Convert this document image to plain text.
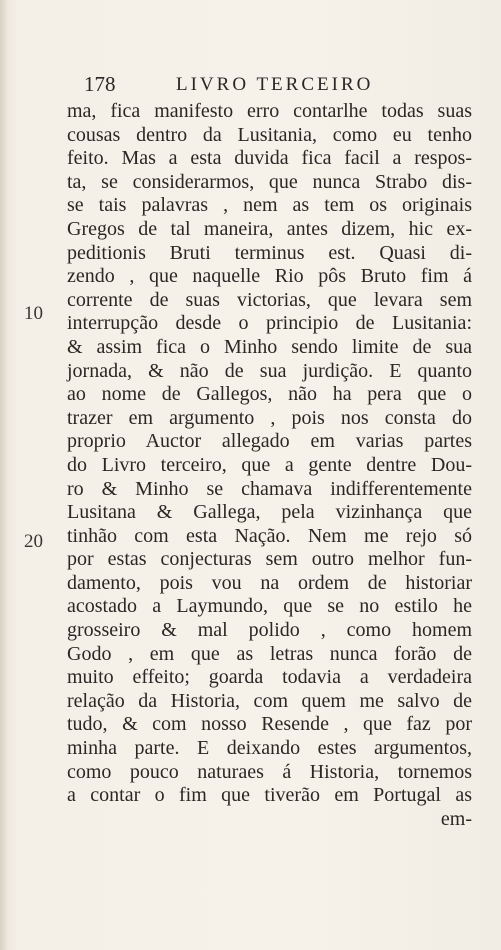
178	LIVRO TERCEIRO
10
20
ma, fica manifesto erro contarlhe todas suas
cousas dentro da Lusitania, como eu tenho
feito. Mas a esta duvida fica facil a respos-
ta, se considerarmos, que nunca Strabo dis-
se tais palavras , nem as tem os originais
Gregos de tal maneira, antes dizem, hic ex-
peditionis Bruti terminus est. Quasi di-
zendo , que naquelle Rio pôs Bruto fim á
corrente de suas victorias, que levara sem
interrupção desde o principio de Lusitania:
& assim fica o Minho sendo limite de sua
jornada, & não de sua jurdição. E quanto
ao nome de Gallegos, não ha pera que o
trazer em argumento , pois nos consta do
proprio Auctor allegado em varias partes
do Livro terceiro, que a gente dentre Dou-
ro & Minho se chamava indifferentemente
Lusitana & Gallega, pela vizinhança que
tinhão com esta Nação. Nem me rejo só
por estas conjecturas sem outro melhor fun-
damento, pois vou na ordem de historiar
acostado a Laymundo, que se no estilo he
grosseiro & mal polido , como homem
Godo , em que as letras nunca forão de
muito effeito; goarda todavia a verdadeira
relação da Historia, com quem me salvo de
tudo, & com nosso Resende , que faz por
minha parte. E deixando estes argumentos,
como pouco naturaes á Historia, tornemos
a contar o fim que tiverão em Portugal as
em-
